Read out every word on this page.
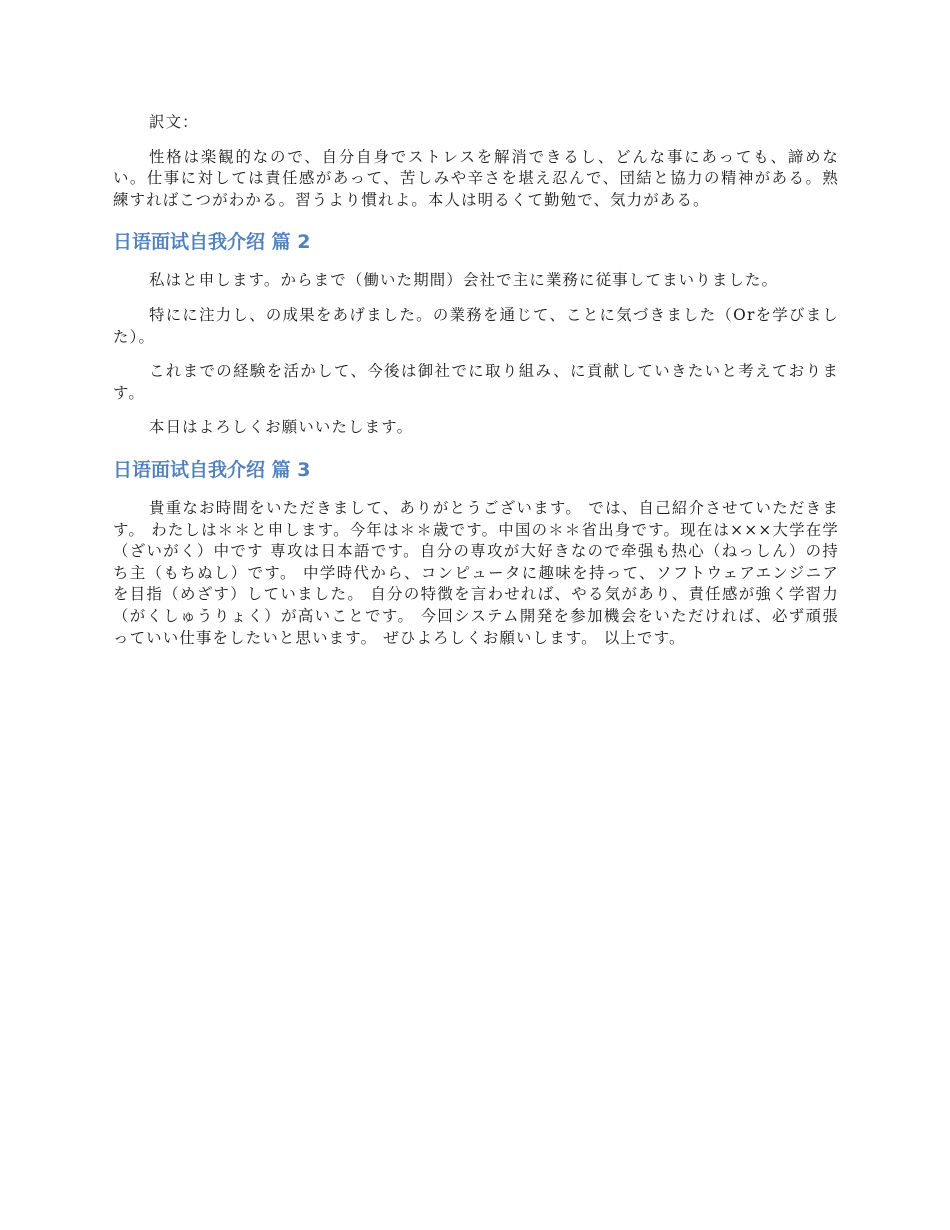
訳文：

性格は楽観的なので、自分自身でストレスを解消できるし、どんな事にあっても、諦めない。仕事に対しては責任感があって、苦しみや辛さを堪え忍んで、団結と協力の精神がある。熟練すればこつがわかる。習うより慣れよ。本人は明るくて勤勉で、気力がある。

日语面试自我介绍 篇 2

私はと申します。からまで（働いた期間）会社で主に業務に従事してまいりました。

特にに注力し、の成果をあげました。の業務を通じて、ことに気づきました（Orを学びました）。

これまでの経験を活かして、今後は御社でに取り組み、に貢献していきたいと考えております。

本日はよろしくお願いいたします。

日语面试自我介绍 篇 3

貴重なお時間をいただきまして、ありがとうございます。 では、自己紹介させていただきます。 わたしは＊＊と申します。今年は＊＊歳です。中国の＊＊省出身です。现在は×××大学在学（ざいがく）中です 専攻は日本語です。自分の専攻が大好きなので牵强も热心（ねっしん）の持ち主（もちぬし）です。 中学時代から、コンピュータに趣味を持って、ソフトウェアエンジニアを目指（めざす）していました。 自分の特徴を言わせれば、やる気があり、責任感が強く学習力（がくしゅうりょく）が高いことです。 今回システム開発を参加機会をいただければ、必ず頑張っていい仕事をしたいと思います。 ぜひよろしくお願いします。 以上です。
